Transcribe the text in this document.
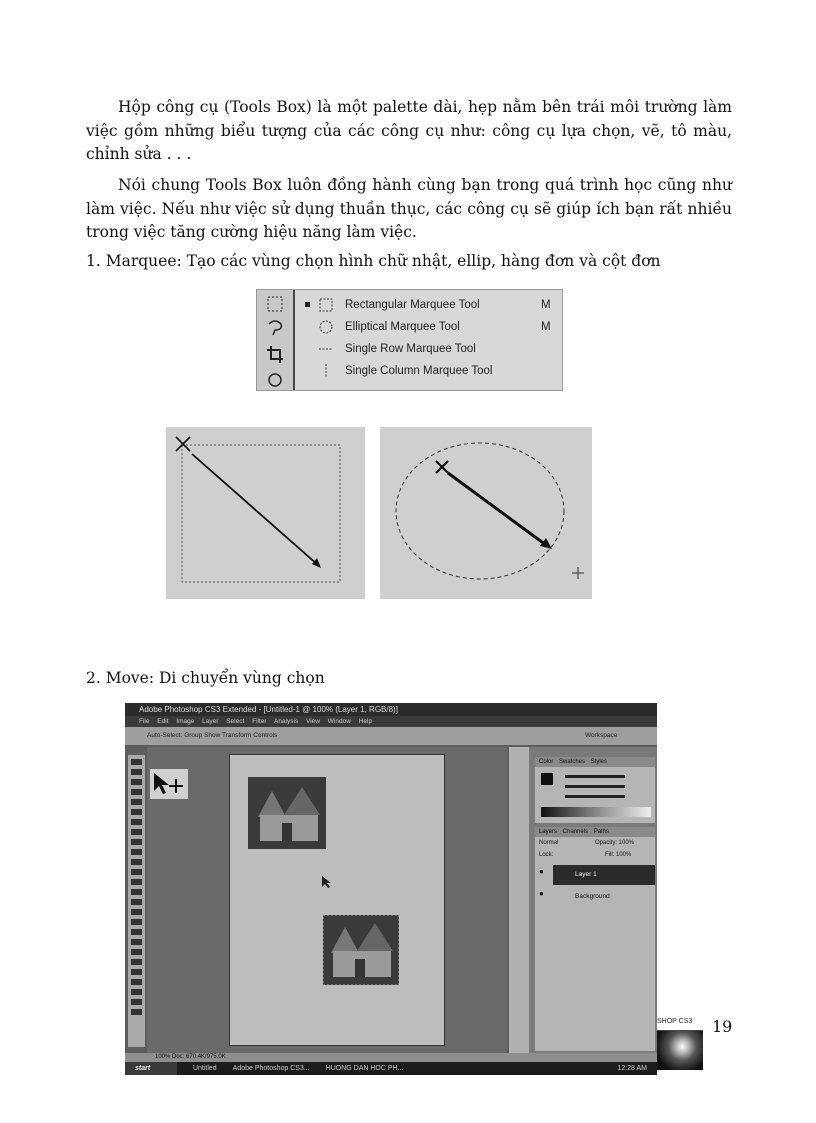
Hộp công cụ (Tools Box) là một palette dài, hẹp nằm bên trái môi trường làm việc gồm những biểu tượng của các công cụ như: công cụ lựa chọn, vẽ, tô màu, chỉnh sửa . . .

Nói chung Tools Box luôn đồng hành cùng bạn trong quá trình học cũng như làm việc. Nếu như việc sử dụng thuần thục, các công cụ sẽ giúp ích bạn rất nhiều trong việc tăng cường hiệu năng làm việc.

1. Marquee: Tạo các vùng chọn hình chữ nhật, ellip, hàng đơn và cột đơn

Rectangular Marquee Tool	M
Elliptical Marquee Tool	M
Single Row Marquee Tool
Single Column Marquee Tool

2. Move: Di chuyển vùng chọn

Adobe Photoshop CS3 Extended - [Untitled-1 @ 100% (Layer 1, RGB/8)]
File Edit Image Layer Select Filter Analysis View Window Help
Auto-Select: Group Show Transform Controls	Workspace
Color Swatches Styles
Layers Channels Paths
Normal	Opacity: 100%
Lock:	Fill: 100%
Layer 1
Background
●
●
100% Doc: 670.4K/975.0K
start	Untitled Adobe Photoshop CS3... HUONG DAN HOC PH...	12:28 AM
SHOP CS3 19
